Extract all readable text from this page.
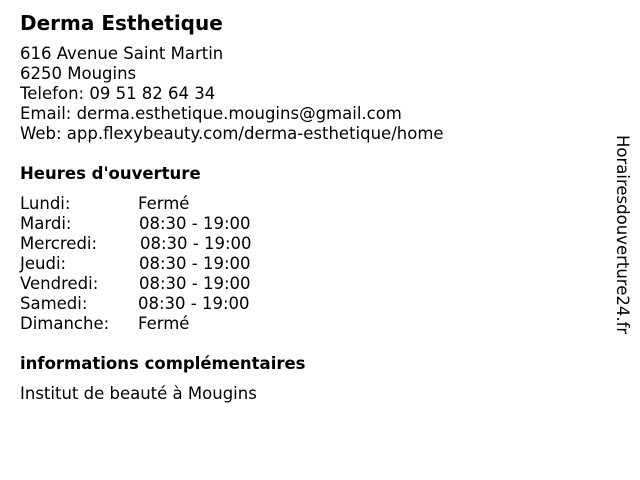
Derma Esthetique
616 Avenue Saint Martin
6250 Mougins
Telefon: 09 51 82 64 34
Email: derma.esthetique.mougins@gmail.com
Web: app.flexybeauty.com/derma-esthetique/home
Heures d'ouverture
Lundi:	Fermé
Mardi:	08:30 - 19:00
Mercredi:	08:30 - 19:00
Jeudi:	08:30 - 19:00
Vendredi: 08:30 - 19:00
Samedi:	08:30 - 19:00
Dimanche: Fermé
informations complémentaires
Institut de beauté à Mougins
Horairesdouverture24.fr
